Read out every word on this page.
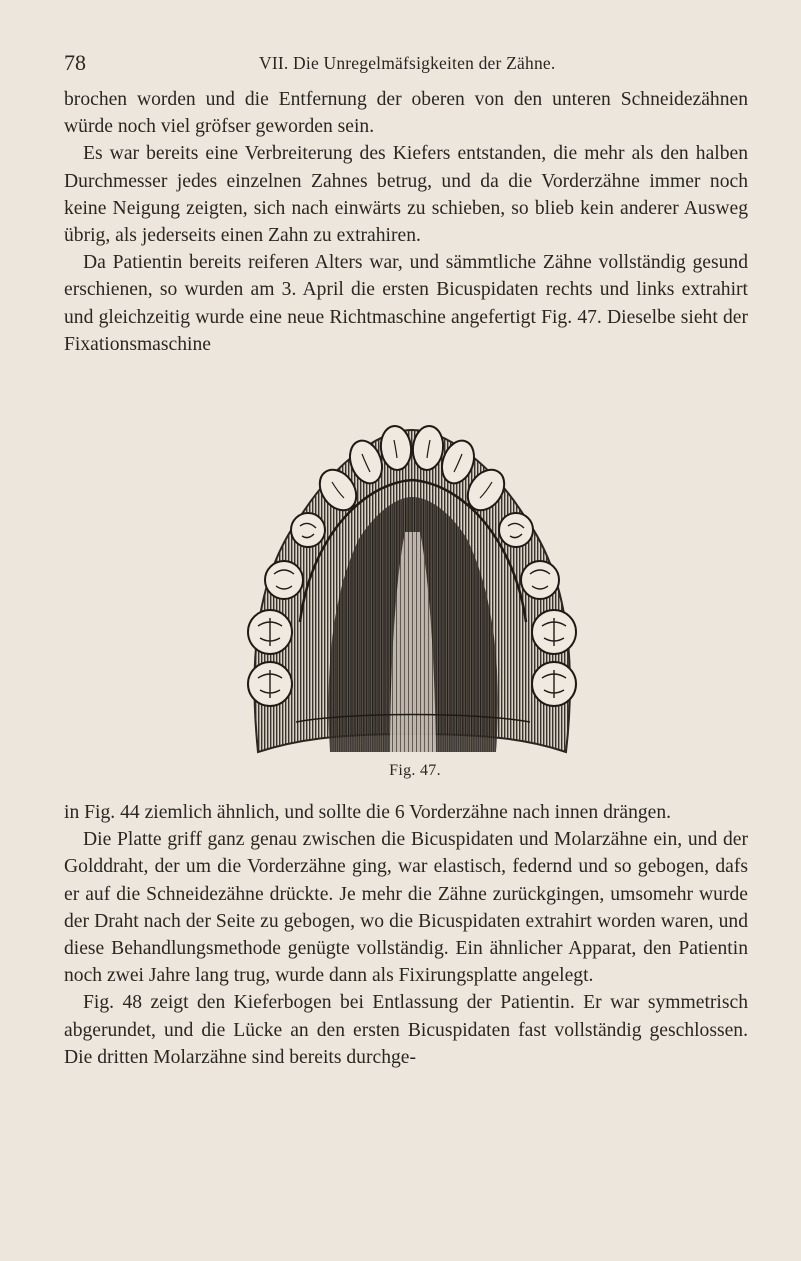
78	VII. Die Unregelmäfsigkeiten der Zähne.

brochen worden und die Entfernung der oberen von den unteren Schneidezähnen würde noch viel gröfser geworden sein.

Es war bereits eine Verbreiterung des Kiefers entstanden, die mehr als den halben Durchmesser jedes einzelnen Zahnes betrug, und da die Vorderzähne immer noch keine Neigung zeigten, sich nach einwärts zu schieben, so blieb kein anderer Ausweg übrig, als jederseits einen Zahn zu extrahiren.

Da Patientin bereits reiferen Alters war, und sämmtliche Zähne vollständig gesund erschienen, so wurden am 3. April die ersten Bicuspidaten rechts und links extrahirt und gleichzeitig wurde eine neue Richtmaschine angefertigt Fig. 47. Dieselbe sieht der Fixationsmaschine

Fig. 47.

in Fig. 44 ziemlich ähnlich, und sollte die 6 Vorderzähne nach innen drängen.

Die Platte griff ganz genau zwischen die Bicuspidaten und Molarzähne ein, und der Golddraht, der um die Vorderzähne ging, war elastisch, federnd und so gebogen, dafs er auf die Schneidezähne drückte. Je mehr die Zähne zurückgingen, umsomehr wurde der Draht nach der Seite zu gebogen, wo die Bicuspidaten extrahirt worden waren, und diese Behandlungsmethode genügte vollständig. Ein ähnlicher Apparat, den Patientin noch zwei Jahre lang trug, wurde dann als Fixirungsplatte angelegt.

Fig. 48 zeigt den Kieferbogen bei Entlassung der Patientin. Er war symmetrisch abgerundet, und die Lücke an den ersten Bicuspidaten fast vollständig geschlossen. Die dritten Molarzähne sind bereits durchge-
